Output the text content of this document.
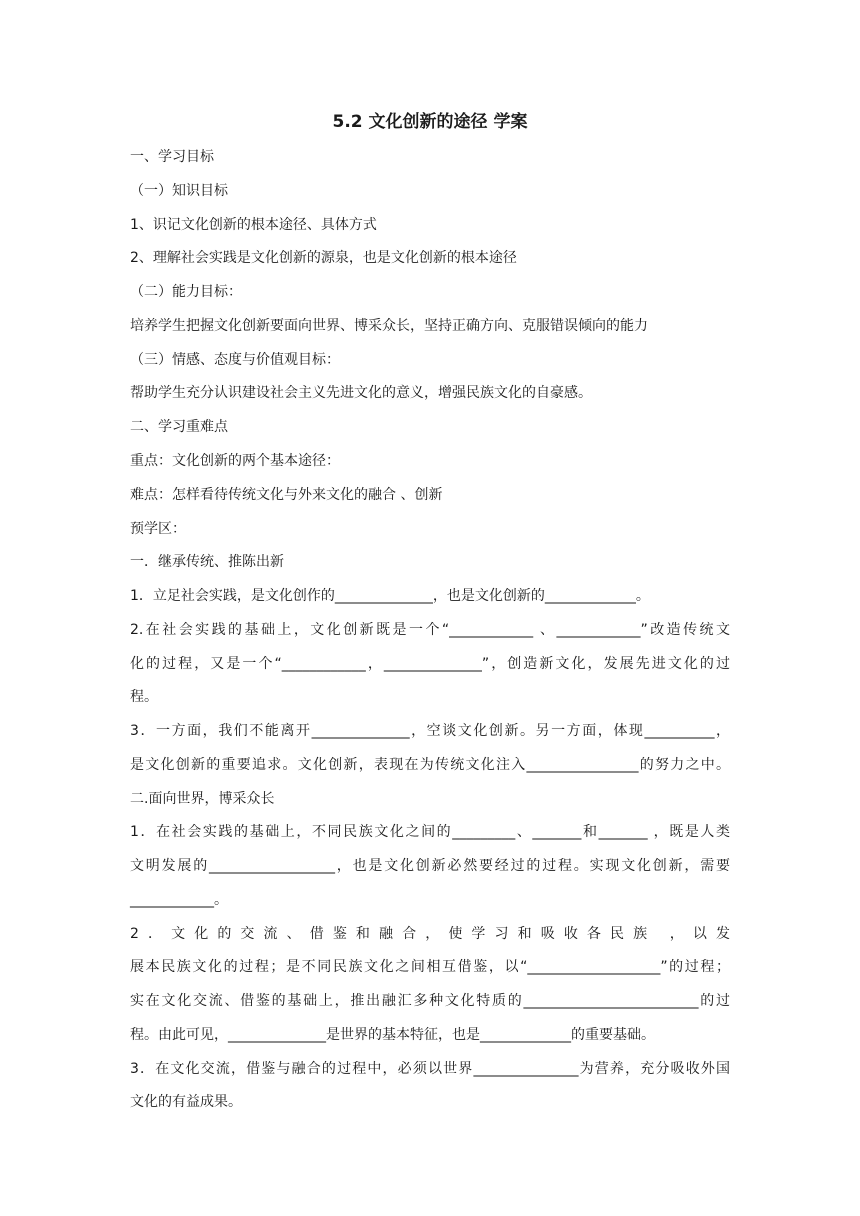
5.2 文化创新的途径 学案

一、学习目标

（一）知识目标

1、识记文化创新的根本途径、具体方式

2、理解社会实践是文化创新的源泉，也是文化创新的根本途径

（二）能力目标：

培养学生把握文化创新要面向世界、博采众长，坚持正确方向、克服错误倾向的能力

（三）情感、态度与价值观目标：

帮助学生充分认识建设社会主义先进文化的意义，增强民族文化的自豪感。

二、学习重难点

重点：文化创新的两个基本途径：

难点：怎样看待传统文化与外来文化的融合 、创新

预学区：

一．继承传统、推陈出新

1．立足社会实践，是文化创作的______________，也是文化创新的_____________。

2.在社会实践的基础上，文化创新既是一个“____________ 、____________”改造传统文

化的过程，又是一个“____________，______________”，创造新文化，发展先进文化的过

程。

3．一方面，我们不能离开______________，空谈文化创新。另一方面，体现__________，

是文化创新的重要追求。文化创新，表现在为传统文化注入________________的努力之中。

二.面向世界，博采众长

1．在社会实践的基础上，不同民族文化之间的_________、_______和_______ ，既是人类

文明发展的__________________，也是文化创新必然要经过的过程。实现文化创新，需要

____________。

2．文化的交流、借鉴和融合，使学习和吸收各民族 ，以发

展本民族文化的过程；是不同民族文化之间相互借鉴，以“___________________”的过程；

实在文化交流、借鉴的基础上，推出融汇多种文化特质的_________________________的过

程。由此可见，______________是世界的基本特征，也是_____________的重要基础。

3．在文化交流，借鉴与融合的过程中，必须以世界_______________为营养，充分吸收外国

文化的有益成果。
